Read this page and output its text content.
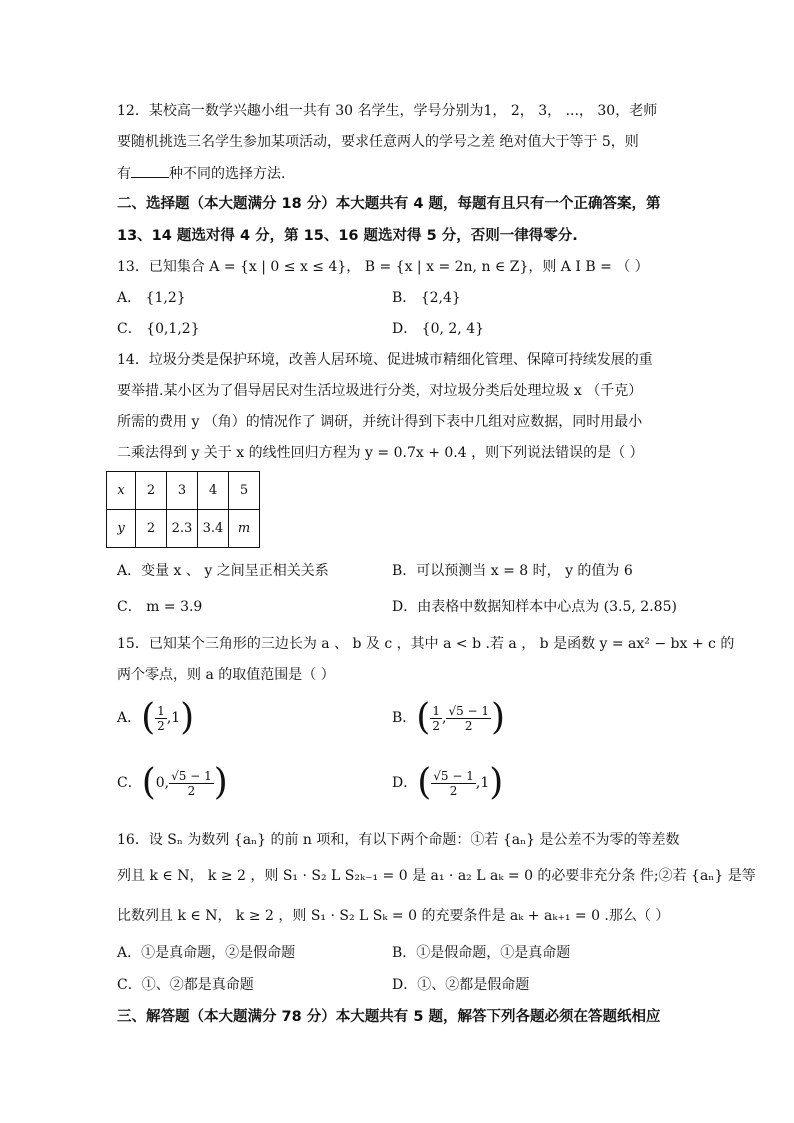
12．某校高一数学兴趣小组一共有 30 名学生，学号分别为1， 2， 3， ...， 30，老师
要随机挑选三名学生参加某项活动，要求任意两人的学号之差 绝对值大于等于 5，则
有	种不同的选择方法.
二、选择题（本大题满分 18 分）本大题共有 4 题，每题有且只有一个正确答案，第
13、14 题选对得 4 分，第 15、16 题选对得 5 分，否则一律得零分.
13．已知集合 A = {x | 0 ≤ x ≤ 4}， B = {x | x = 2n, n ∈ Z}，则 A I B = （ ）
A． {1,2}	B． {2,4}
C． {0,1,2}	D． {0, 2, 4}
14．垃圾分类是保护环境，改善人居环境、促进城市精细化管理、保障可持续发展的重
要举措.某小区为了倡导居民对生活垃圾进行分类，对垃圾分类后处理垃圾 x （千克）
所需的费用 y （角）的情况作了 调研，并统计得到下表中几组对应数据，同时用最小
二乘法得到 y 关于 x 的线性回归方程为 y = 0.7x + 0.4 ，则下列说法错误的是（ ）
x	2	3	4	5
y	2	2.3	3.4	m
A．变量 x 、 y 之间呈正相关关系	B．可以预测当 x = 8 时， y 的值为 6
C． m = 3.9	D．由表格中数据知样本中心点为 (3.5, 2.85)
15．已知某个三角形的三边长为 a 、 b 及 c ，其中 a < b .若 a ， b 是函数 y = ax² − bx + c 的
两个零点，则 a 的取值范围是（ ）
A．( $\frac{1}{2} ,1$)	B．( $\frac{1}{2}$ , $\frac{√5 - 1}{2}$ )
C．(0, $\frac{√5 - 1}{2}$ )	D．( $\frac{√5 - 1}{2} ,1$)
16．设 Sₙ 为数列 {aₙ} 的前 n 项和，有以下两个命题：①若 {aₙ} 是公差不为零的等差数
列且 k ∈ N， k ≥ 2 ，则 S₁ · S₂ L S₂ₖ₋₁ = 0 是 a₁ · a₂ L aₖ = 0 的必要非充分条 件;②若 {aₙ} 是等
比数列且 k ∈ N， k ≥ 2 ，则 S₁ · S₂ L Sₖ = 0 的充要条件是 aₖ + aₖ₊₁ = 0 .那么（ ）
A．①是真命题，②是假命题	B．①是假命题，①是真命题
C．①、②都是真命题	D．①、②都是假命题
三、解答题（本大题满分 78 分）本大题共有 5 题，解答下列各题必须在答题纸相应
